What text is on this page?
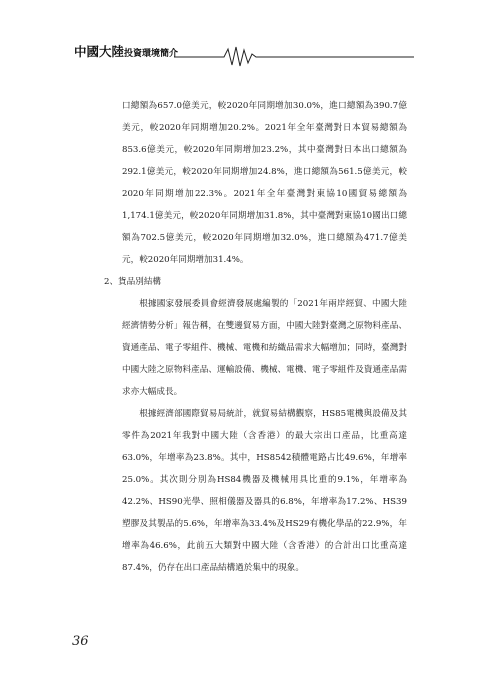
中國大陸投資環境簡介

口總額為657.0億美元，較2020年同期增加30.0%，進口總額為390.7億美元，較2020年同期增加20.2%。2021年全年臺灣對日本貿易總額為853.6億美元，較2020年同期增加23.2%，其中臺灣對日本出口總額為292.1億美元，較2020年同期增加24.8%，進口總額為561.5億美元，較2020年同期增加22.3%。2021年全年臺灣對東協10國貿易總額為1,174.1億美元，較2020年同期增加31.8%，其中臺灣對東協10國出口總額為702.5億美元，較2020年同期增加32.0%，進口總額為471.7億美元，較2020年同期增加31.4%。

2、貨品別結構

根據國家發展委員會經濟發展處編製的「2021年兩岸經貿、中國大陸經濟情勢分析」報告稱，在雙邊貿易方面，中國大陸對臺灣之原物料產品、資通產品、電子零組件、機械、電機和紡織品需求大幅增加；同時，臺灣對中國大陸之原物料產品、運輸設備、機械、電機、電子零組件及資通產品需求亦大幅成長。

根據經濟部國際貿易局統計，就貿易結構觀察，HS85電機與設備及其零件為2021年我對中國大陸（含香港）的最大宗出口產品，比重高達63.0%，年增率為23.8%。其中，HS8542積體電路占比49.6%，年增率25.0%。其次則分別為HS84機器及機械用具比重的9.1%，年增率為42.2%、HS90光學、照相儀器及器具的6.8%，年增率為17.2%、HS39塑膠及其製品的5.6%，年增率為33.4%及HS29有機化學品的22.9%，年增率為46.6%，此前五大類對中國大陸（含香港）的合計出口比重高達87.4%，仍存在出口產品結構過於集中的現象。

36
